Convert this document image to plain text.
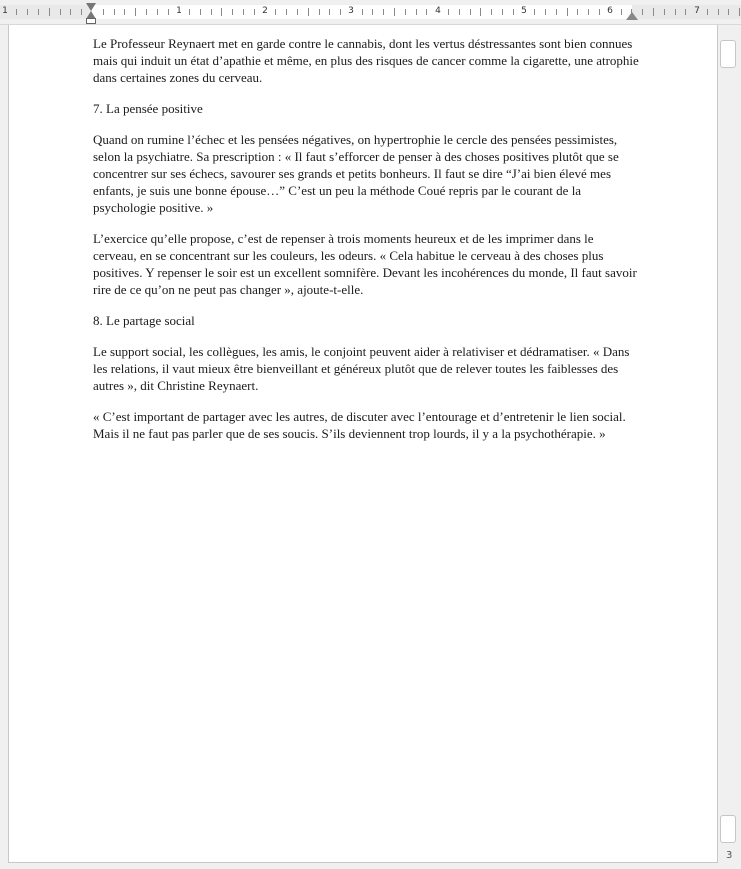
1	1	2	3	4	5	6	7

Le Professeur Reynaert met en garde contre le cannabis, dont les vertus déstressantes sont bien connues mais qui induit un état d’apathie et même, en plus des risques de cancer comme la cigarette, une atrophie dans certaines zones du cerveau.

7. La pensée positive

Quand on rumine l’échec et les pensées négatives, on hypertrophie le cercle des pensées pessimistes, selon la psychiatre. Sa prescription : « Il faut s’efforcer de penser à des choses positives plutôt que se concentrer sur ses échecs, savourer ses grands et petits bonheurs. Il faut se dire “J’ai bien élevé mes enfants, je suis une bonne épouse…” C’est un peu la méthode Coué repris par le courant de la psychologie positive. »

L’exercice qu’elle propose, c’est de repenser à trois moments heureux et de les imprimer dans le cerveau, en se concentrant sur les couleurs, les odeurs. « Cela habitue le cerveau à des choses plus positives. Y repenser le soir est un excellent somnifère. Devant les incohérences du monde, Il faut savoir rire de ce qu’on ne peut pas changer », ajoute-t-elle.

8. Le partage social

Le support social, les collègues, les amis, le conjoint peuvent aider à relativiser et dédramatiser. « Dans les relations, il vaut mieux être bienveillant et généreux plutôt que de relever toutes les faiblesses des autres », dit Christine Reynaert.

« C’est important de partager avec les autres, de discuter avec l’entourage et d’entretenir le lien social. Mais il ne faut pas parler que de ses soucis. S’ils deviennent trop lourds, il y a la psychothérapie. »

3
